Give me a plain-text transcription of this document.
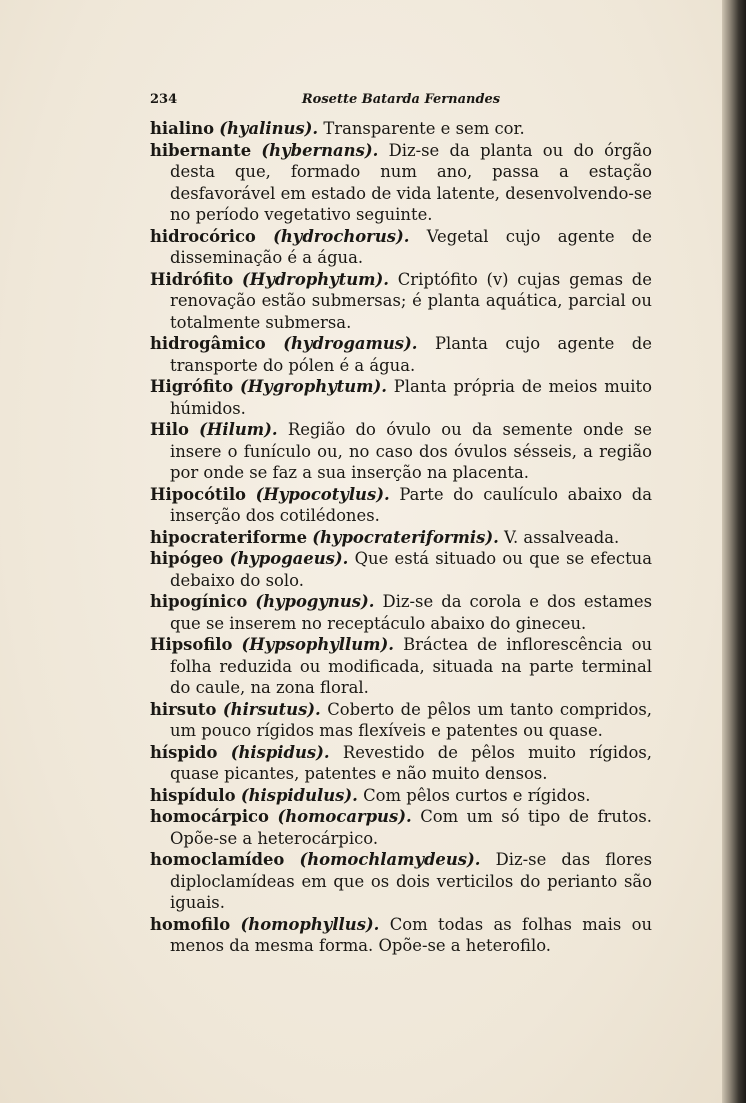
234	Rosette Batarda Fernandes

hialino (hyalinus). Transparente e sem cor.

hibernante (hybernans). Diz-se da planta ou do órgão desta que, formado num ano, passa a estação desfavorável em estado de vida latente, desenvolvendo-se no período vegetativo seguinte.

hidrocórico (hydrochorus). Vegetal cujo agente de disseminação é a água.

Hidrófito (Hydrophytum). Criptófito (v) cujas gemas de renovação estão submersas; é planta aquática, parcial ou totalmente submersa.

hidrogâmico (hydrogamus). Planta cujo agente de transporte do pólen é a água.

Higrófito (Hygrophytum). Planta própria de meios muito húmidos.

Hilo (Hilum). Região do óvulo ou da semente onde se insere o funículo ou, no caso dos óvulos sésseis, a região por onde se faz a sua inserção na placenta.

Hipocótilo (Hypocotylus). Parte do caulículo abaixo da inserção dos cotilédones.

hipocrateriforme (hypocrateriformis). V. assalveada.

hipógeo (hypogaeus). Que está situado ou que se efectua debaixo do solo.

hipogínico (hypogynus). Diz-se da corola e dos estames que se inserem no receptáculo abaixo do gineceu.

Hipsofilo (Hypsophyllum). Bráctea de inflorescência ou folha reduzida ou modificada, situada na parte terminal do caule, na zona floral.

hirsuto (hirsutus). Coberto de pêlos um tanto compridos, um pouco rígidos mas flexíveis e patentes ou quase.

híspido (hispidus). Revestido de pêlos muito rígidos, quase picantes, patentes e não muito densos.

hispídulo (hispidulus). Com pêlos curtos e rígidos.

homocárpico (homocarpus). Com um só tipo de frutos. Opõe-se a heterocárpico.

homoclamídeo (homochlamydeus). Diz-se das flores diploclamídeas em que os dois verticilos do perianto são iguais.

homofilo (homophyllus). Com todas as folhas mais ou menos da mesma forma. Opõe-se a heterofilo.
